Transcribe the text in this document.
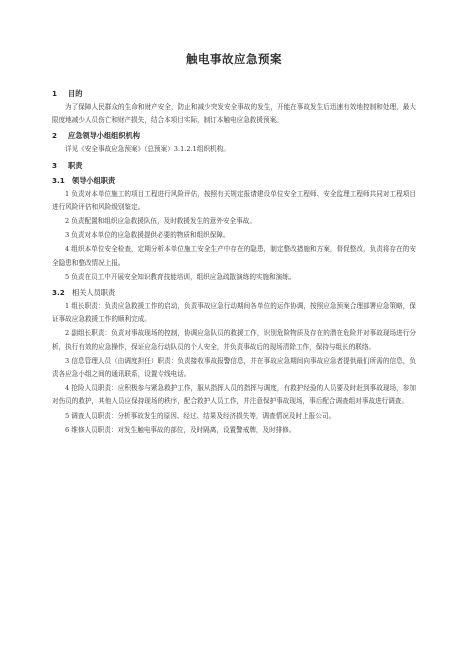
触电事故应急预案
1	目的

为了保障人民群众的生命和财产安全，防止和减少突发安全事故的发生，开能在事故发生后迅速有效地控制和处理，最大限度地减少人员伤亡和财产损失，结合本项目实际，制订本触电应急救援预案。

2	应急领导小组组织机构

详见《安全事故应急预案》（总预案）3.1.2.1组织机构。

3	职责
3.1	领导小组职责

1 负责对本单位施工的项目工程进行风险评估，按照有关规定报请建设单位安全工程师、安全监理工程师共同对工程项目进行风险评估和风险级别鉴定。

2 负责配置和组织应急救援队伍，及时救援发生的意外安全事故。

3 负责对本单位的应急救援提供必要的物质和组织保障。

4 组织本单位安全检查，定期分析本单位施工安全生产中存在的隐患，制定整改措施和方案，督促整改，负责将存在的安全隐患和整改情况上报。

5 负责在员工中开展安全知识教育技能培训，组织应急疏散演练的实施和演练。

3.2	相关人员职责

1 组长职责：负责应急救援工作的启动，负责事故应急行动期间各单位的运作协调，按照应急预案合理部署应急策略，保证事故应急救援工作的顺利完成。

2 副组长职责：负责对事故现场的控制，协调应急队员的救援工作，识别危险物质及存在的潜在危险并对事故现场进行分析，执行有效的应急操作，保证应急行动队员的个人安全，并负责事故后的现场清除工作，保持与组长的联络。

3 信息管理人员（由调度担任）职责：负责接收事故报警信息，并在事故应急期间向事故应急者提供最们所需的信息，负责各应急小组之间的通讯联系，设置专线电话。

4 抢险人员职责：应积极参与紧急救护工作，服从指挥人员的指挥与调度，有救护经验的人员要及时赶到事故现场，参加对伤员的救护，其他人员应保持现场的秩序，配合救护人员工作，并注意保护事故现场，事后配合调查组对事故进行调查。

5 调查人员职责：分析事故发生的原因、经过、结果及经济损失等，调查情况及时上报公司。

6 维修人员职责：对发生触电事故的部位，及时隔离，设置警戒牌，及时排修。
